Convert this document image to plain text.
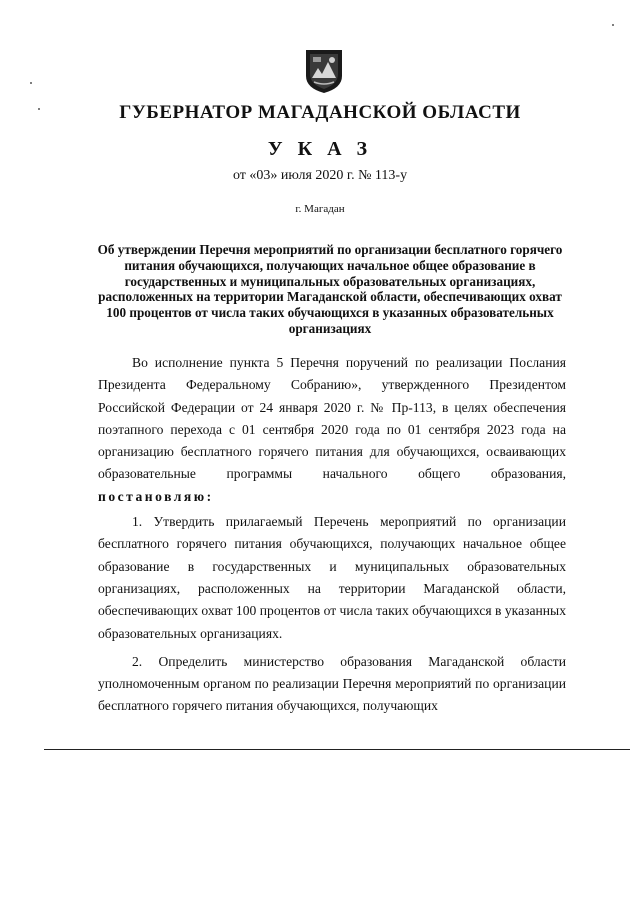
ГУБЕРНАТОР МАГАДАНСКОЙ ОБЛАСТИ
У К А З
от «03» июля 2020 г. № 113-у
г. Магадан
Об утверждении Перечня мероприятий по организации бесплатного горячего питания обучающихся, получающих начальное общее образование в государственных и муниципальных образовательных организациях, расположенных на территории Магаданской области, обеспечивающих охват 100 процентов от числа таких обучающихся в указанных образовательных организациях

Во исполнение пункта 5 Перечня поручений по реализации Послания Президента Федеральному Собранию», утвержденного Президентом Российской Федерации от 24 января 2020 г. № Пр-113, в целях обеспечения поэтапного перехода с 01 сентября 2020 года по 01 сентября 2023 года на организацию бесплатного горячего питания для обучающихся, осваивающих образовательные программы начального общего образования, постановляю:

1. Утвердить прилагаемый Перечень мероприятий по организации бесплатного горячего питания обучающихся, получающих начальное общее образование в государственных и муниципальных образовательных организациях, расположенных на территории Магаданской области, обеспечивающих охват 100 процентов от числа таких обучающихся в указанных образовательных организациях.

2. Определить министерство образования Магаданской области уполномоченным органом по реализации Перечня мероприятий по организации бесплатного горячего питания обучающихся, получающих
